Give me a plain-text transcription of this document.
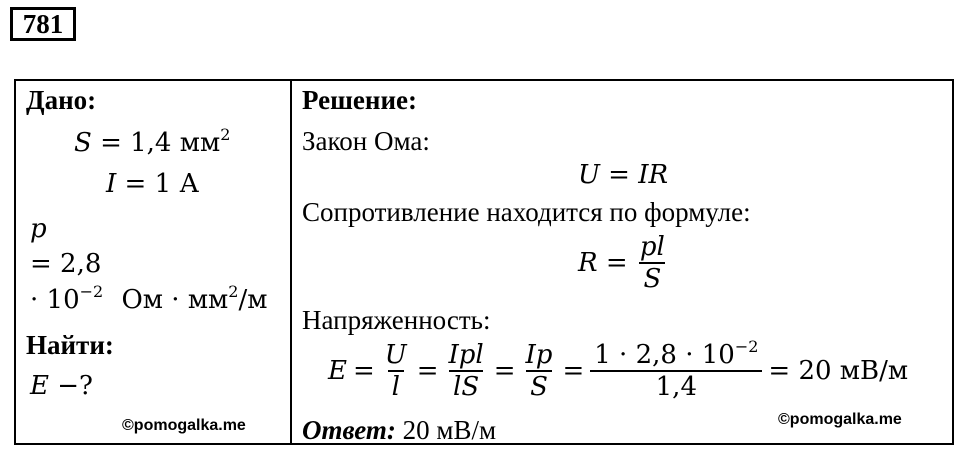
781
Дано:
S = 1,4 $мм^2$
I = 1 А
p
= 2,8
· $10^{-2}$ Ом · $мм^2/м$
Найти:
E −?
©pomogalka.me
Решение:
Закон Ома:
U = IR
Сопротивление находится по формуле:
$R = \frac{pl}{S}$
Напряженность:
$E = \frac{U}{l} = \frac{\text{Ipl}}{lS} = \frac{Ip}{S} = \frac{1 \cdot 2,8 \cdot 10^{-2}}{1,4} = 20$ мВ/м
Ответ: 20 мВ/м	©pomogalka.me
